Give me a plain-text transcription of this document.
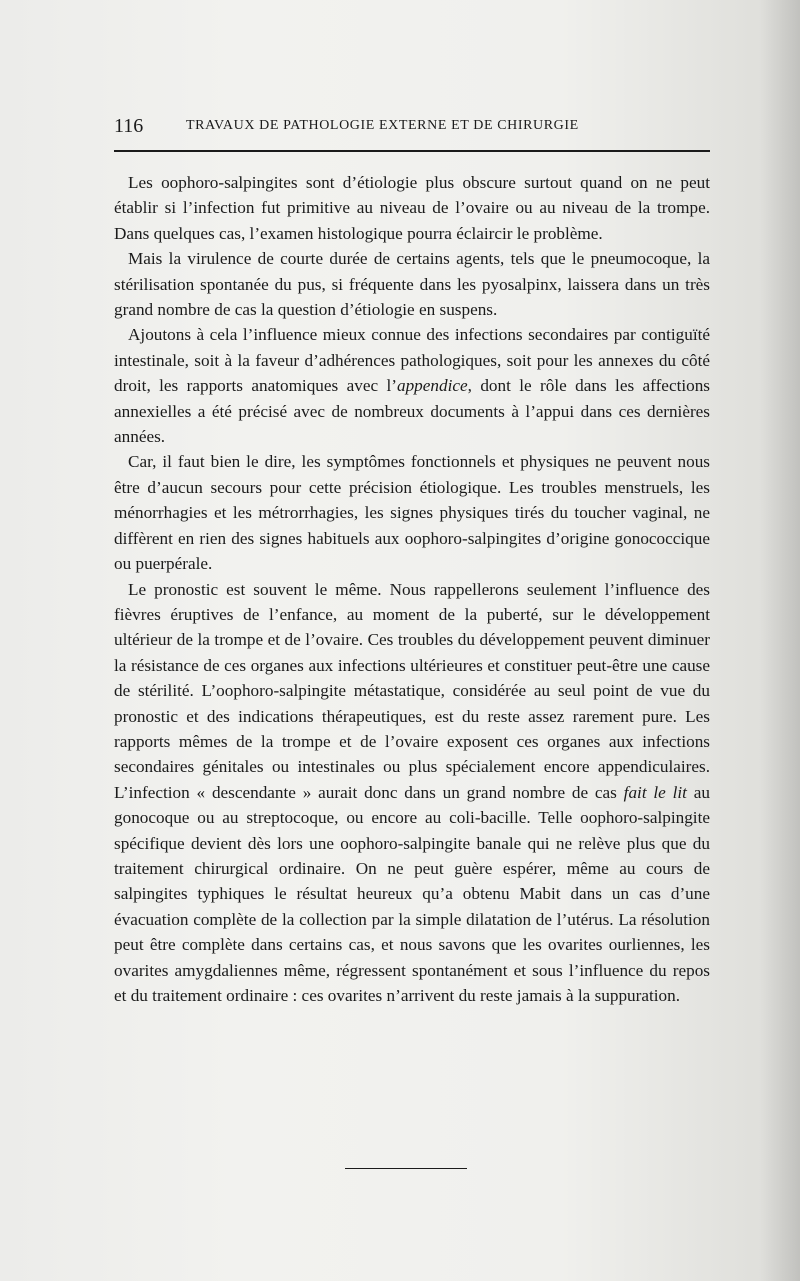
116	TRAVAUX DE PATHOLOGIE EXTERNE ET DE CHIRURGIE

Les oophoro-salpingites sont d’étiologie plus obscure surtout quand on ne peut établir si l’infection fut primitive au niveau de l’ovaire ou au niveau de la trompe. Dans quelques cas, l’examen histologique pourra éclaircir le problème.

Mais la virulence de courte durée de certains agents, tels que le pneumocoque, la stérilisation spontanée du pus, si fréquente dans les pyosalpinx, laissera dans un très grand nombre de cas la question d’étiologie en suspens.

Ajoutons à cela l’influence mieux connue des infections secondaires par contiguïté intestinale, soit à la faveur d’adhérences pathologiques, soit pour les annexes du côté droit, les rapports anatomiques avec l’appendice, dont le rôle dans les affections annexielles a été précisé avec de nombreux documents à l’appui dans ces dernières années.

Car, il faut bien le dire, les symptômes fonctionnels et physiques ne peuvent nous être d’aucun secours pour cette précision étiologique. Les troubles menstruels, les ménorrhagies et les métrorrhagies, les signes physiques tirés du toucher vaginal, ne diffèrent en rien des signes habituels aux oophoro-salpingites d’origine gonococcique ou puerpérale.

Le pronostic est souvent le même. Nous rappellerons seulement l’influence des fièvres éruptives de l’enfance, au moment de la puberté, sur le développement ultérieur de la trompe et de l’ovaire. Ces troubles du développement peuvent diminuer la résistance de ces organes aux infections ultérieures et constituer peut-être une cause de stérilité. L’oophoro-salpingite métastatique, considérée au seul point de vue du pronostic et des indications thérapeutiques, est du reste assez rarement pure. Les rapports mêmes de la trompe et de l’ovaire exposent ces organes aux infections secondaires génitales ou intestinales ou plus spécialement encore appendiculaires. L’infection « descendante » aurait donc dans un grand nombre de cas fait le lit au gonocoque ou au streptocoque, ou encore au coli-bacille. Telle oophoro-salpingite spécifique devient dès lors une oophoro-salpingite banale qui ne relève plus que du traitement chirurgical ordinaire. On ne peut guère espérer, même au cours de salpingites typhiques le résultat heureux qu’a obtenu Mabit dans un cas d’une évacuation complète de la collection par la simple dilatation de l’utérus. La résolution peut être complète dans certains cas, et nous savons que les ovarites ourliennes, les ovarites amygdaliennes même, régressent spontanément et sous l’influence du repos et du traitement ordinaire : ces ovarites n’arrivent du reste jamais à la suppuration.
